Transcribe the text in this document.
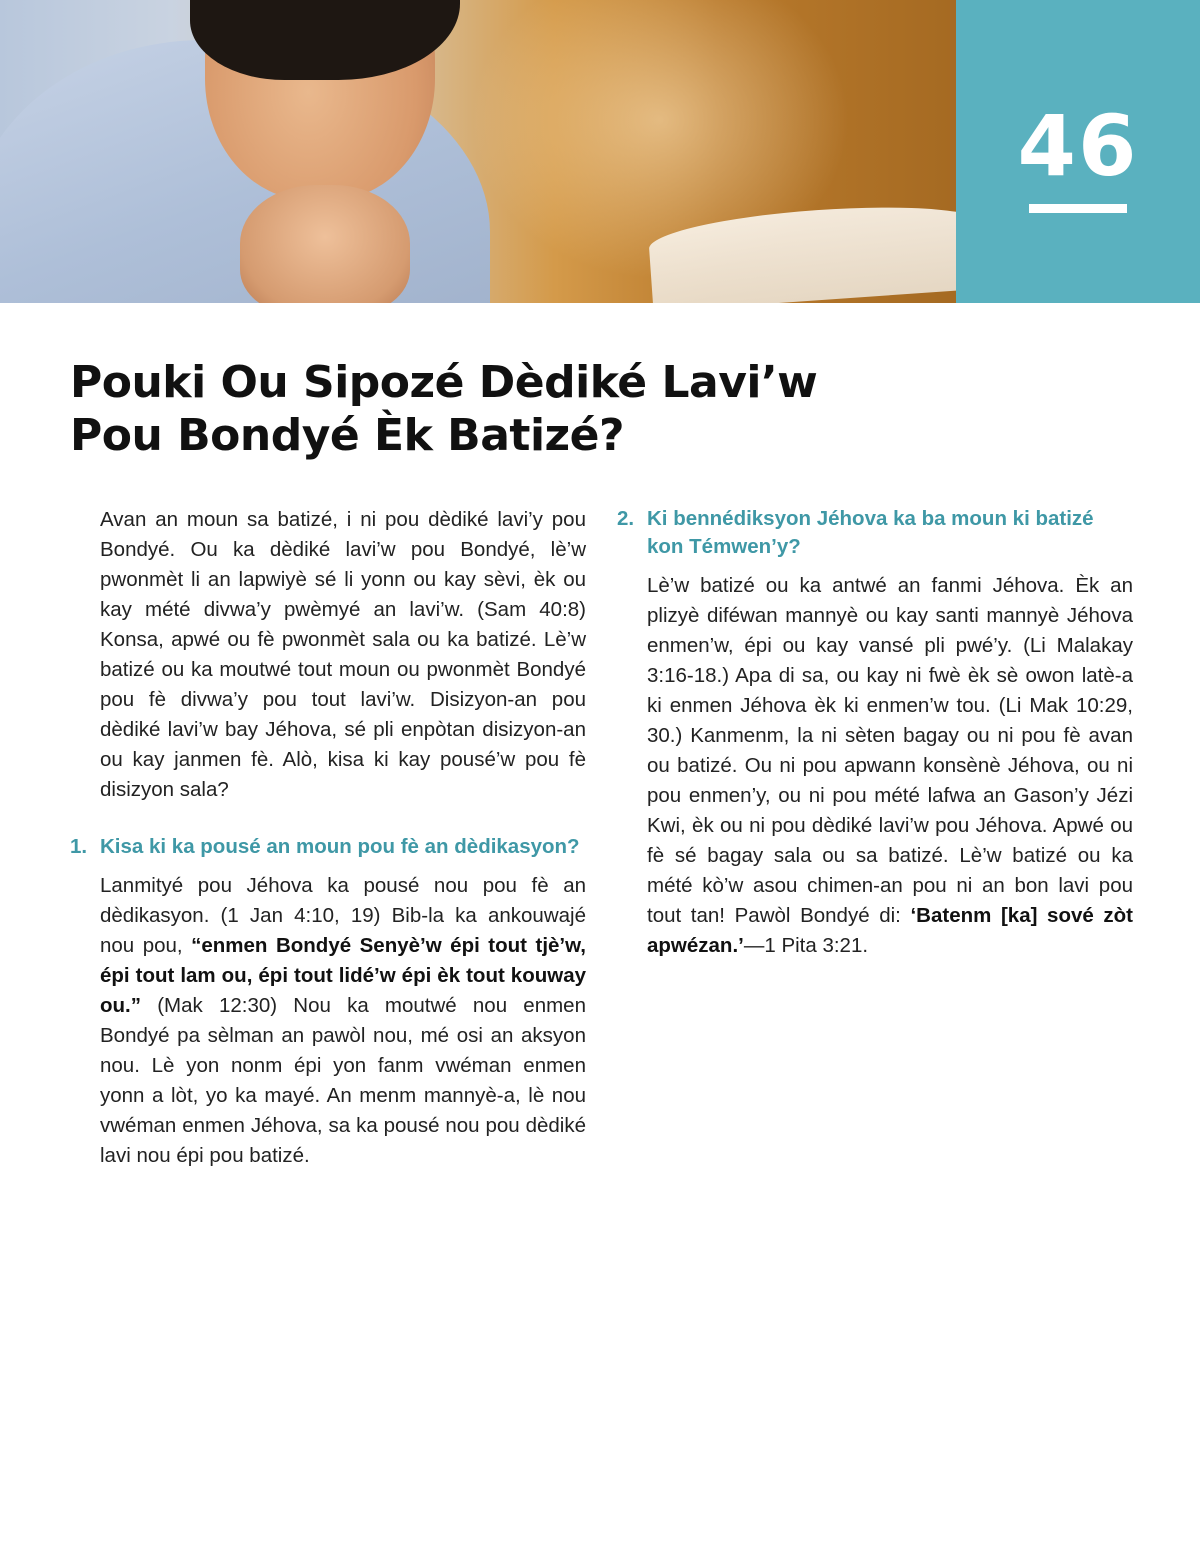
46
Pouki Ou Sipozé Dèdiké Lavi’w
Pou Bondyé Èk Batizé?

Avan an moun sa batizé, i ni pou dèdiké lavi’y pou Bondyé. Ou ka dèdiké lavi’w pou Bondyé, lè’w pwonmèt li an lapwiyè sé li yonn ou kay sèvi, èk ou kay mété divwa’y pwèmyé an lavi’w. (Sam 40:8) Konsa, apwé ou fè pwonmèt sala ou ka batizé. Lè’w batizé ou ka moutwé tout moun ou pwonmèt Bondyé pou fè divwa’y pou tout lavi’w. Disizyon-an pou dèdiké lavi’w bay Jéhova, sé pli enpòtan disizyon-an ou kay janmen fè. Alò, kisa ki kay pousé’w pou fè disizyon sala?

1. Kisa ki ka pousé an moun pou fè an dèdikasyon?

Lanmityé pou Jéhova ka pousé nou pou fè an dèdikasyon. (1 Jan 4:10, 19) Bib-la ka ankouwajé nou pou, “enmen Bondyé Senyè’w épi tout tjè’w, épi tout lam ou, épi tout lidé’w épi èk tout kouway ou.” (Mak 12:30) Nou ka moutwé nou enmen Bondyé pa sèlman an pawòl nou, mé osi an aksyon nou. Lè yon nonm épi yon fanm vwéman enmen yonn a lòt, yo ka mayé. An menm mannyè-a, lè nou vwéman enmen Jéhova, sa ka pousé nou pou dèdiké lavi nou épi pou batizé.

2. Ki bennédiksyon Jéhova ka ba moun ki batizé kon Témwen’y?

Lè’w batizé ou ka antwé an fanmi Jéhova. Èk an plizyè diféwan mannyè ou kay santi mannyè Jéhova enmen’w, épi ou kay vansé pli pwé’y. (Li Malakay 3:16-18.) Apa di sa, ou kay ni fwè èk sè owon latè-a ki enmen Jéhova èk ki enmen’w tou. (Li Mak 10:29, 30.) Kanmenm, la ni sèten bagay ou ni pou fè avan ou batizé. Ou ni pou apwann konsènè Jéhova, ou ni pou enmen’y, ou ni pou mété lafwa an Gason’y Jézi Kwi, èk ou ni pou dèdiké lavi’w pou Jéhova. Apwé ou fè sé bagay sala ou sa batizé. Lè’w batizé ou ka mété kò’w asou chimen-an pou ni an bon lavi pou tout tan! Pawòl Bondyé di: ‘Batenm [ka] sové zòt apwézan.’—1 Pita 3:21.
